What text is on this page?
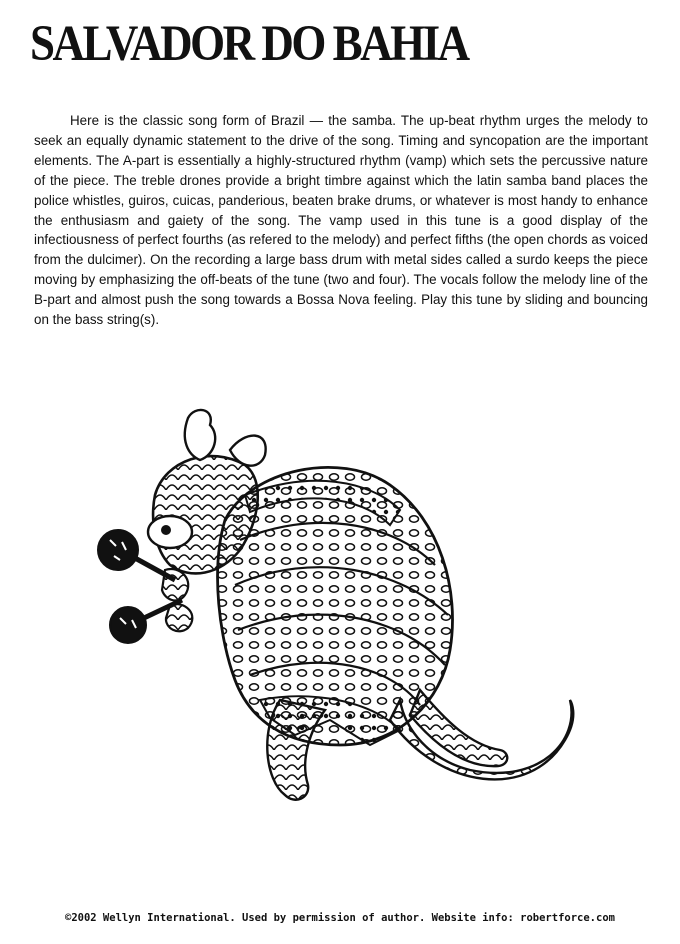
SALVADOR DO BAHIA

Here is the classic song form of Brazil — the samba. The up-beat rhythm urges the melody to seek an equally dynamic statement to the drive of the song. Timing and syncopation are the important elements. The A-part is essentially a highly-structured rhythm (vamp) which sets the percussive nature of the piece. The treble drones provide a bright timbre against which the latin samba band places the police whistles, guiros, cuicas, panderious, beaten brake drums, or whatever is most handy to enhance the enthusiasm and gaiety of the song. The vamp used in this tune is a good display of the infectiousness of perfect fourths (as refered to the melody) and perfect fifths (the open chords as voiced from the dulcimer). On the recording a large bass drum with metal sides called a surdo keeps the piece moving by emphasizing the off-beats of the tune (two and four). The vocals follow the melody line of the B-part and almost push the song towards a Bossa Nova feeling. Play this tune by sliding and bouncing on the bass string(s).

©2002 Wellyn International. Used by permission of author. Website info: robertforce.com
